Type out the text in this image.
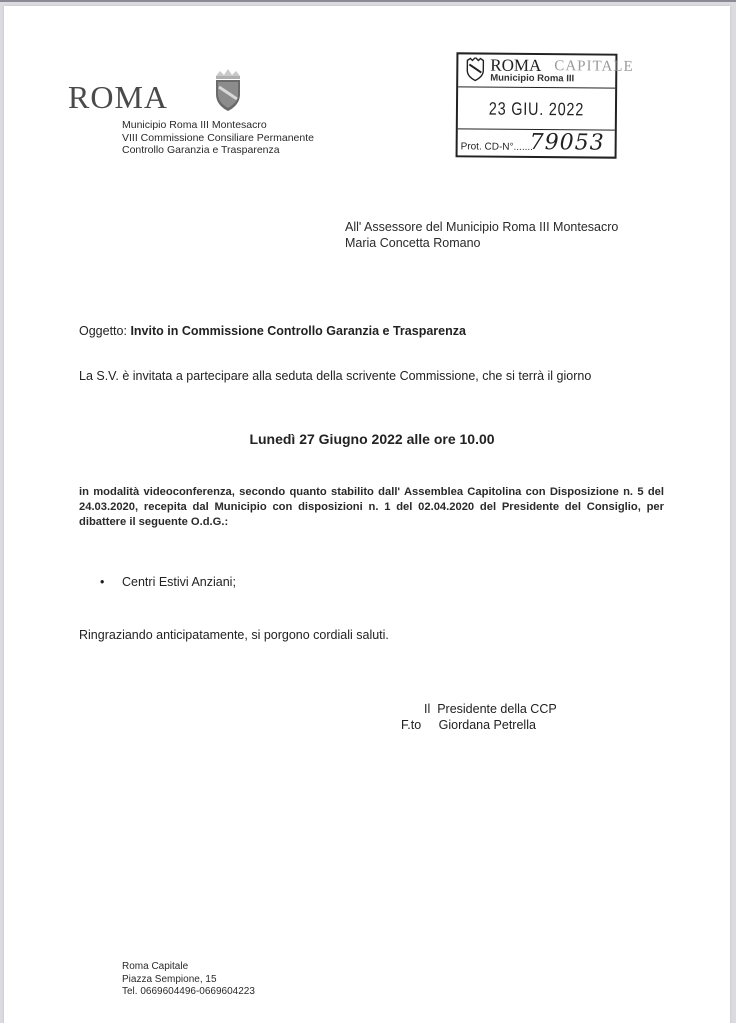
ROMA
Municipio Roma III Montesacro
VIII Commissione Consiliare Permanente
Controllo Garanzia e Trasparenza
ROMA CAPITALE
Municipio Roma III
23 GIU. 2022
Prot. CD-N°.......
79053
All' Assessore del Municipio Roma III Montesacro
Maria Concetta Romano
Oggetto: Invito in Commissione Controllo Garanzia e Trasparenza
La S.V. è invitata a partecipare alla seduta della scrivente Commissione, che si terrà il giorno
Lunedì 27 Giugno 2022 alle ore 10.00
in modalità videoconferenza, secondo quanto stabilito dall' Assemblea Capitolina con Disposizione n. 5 del 24.03.2020, recepita dal Municipio con disposizioni n. 1 del 02.04.2020 del Presidente del Consiglio, per dibattere il seguente O.d.G.:
• Centri Estivi Anziani;
Ringraziando anticipatamente, si porgono cordiali saluti.
Il  Presidente della CCP
F.to Giordana Petrella
Roma Capitale
Piazza Sempione, 15
Tel. 0669604496-0669604223
